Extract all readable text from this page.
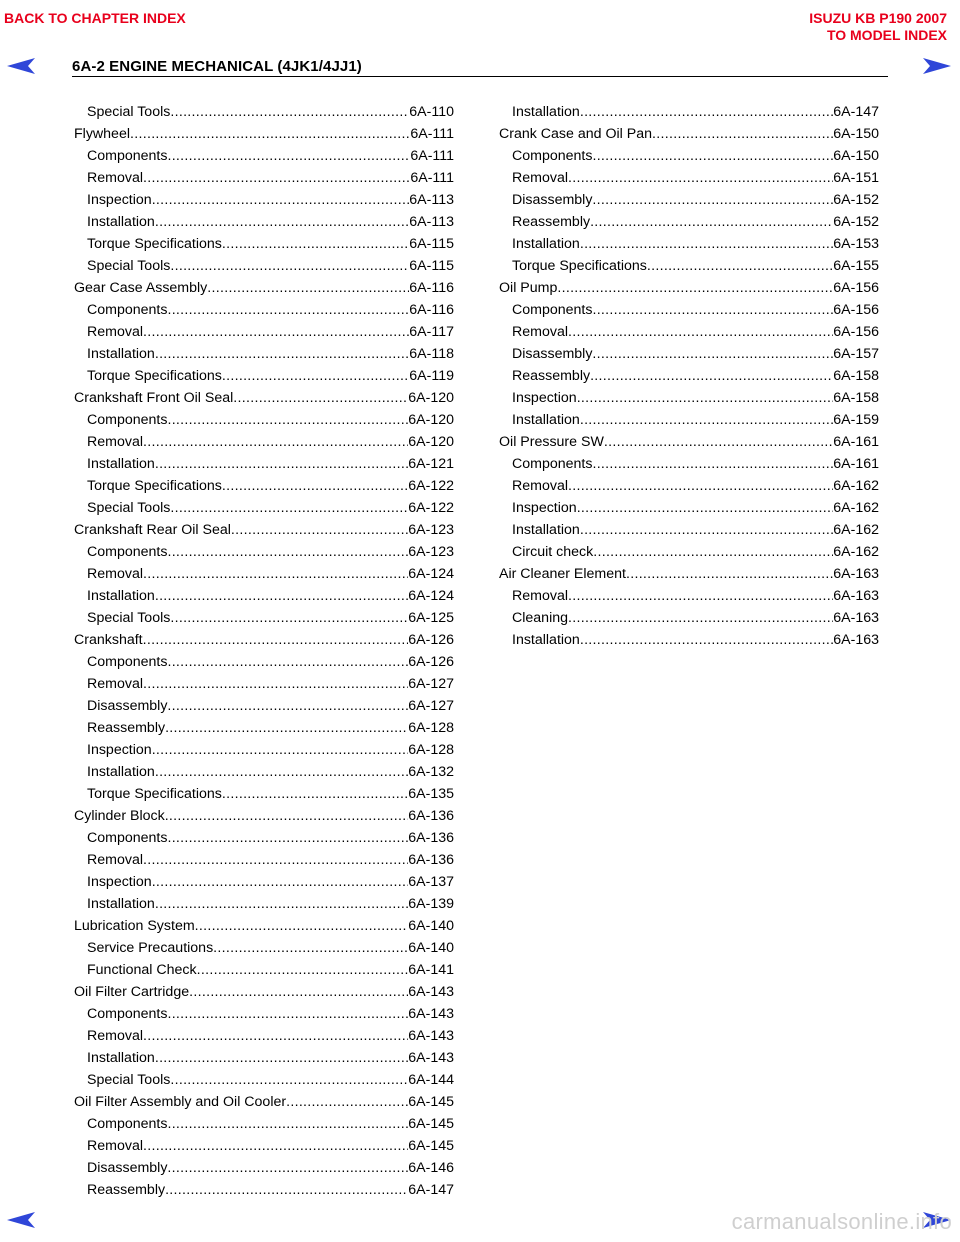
BACK TO CHAPTER INDEX	ISUZU KB P190 2007
TO MODEL INDEX
6A-2 ENGINE MECHANICAL (4JK1/4JJ1)
Special Tools .....	6A-110
Flywheel .....	6A-111
Components .....	6A-111
Removal .....	6A-111
Inspection .....	6A-113
Installation .....	6A-113
Torque Specifications .....	6A-115
Special Tools .....	6A-115
Gear Case Assembly .....	6A-116
Components .....	6A-116
Removal .....	6A-117
Installation .....	6A-118
Torque Specifications .....	6A-119
Crankshaft Front Oil Seal .....	6A-120
Components .....	6A-120
Removal .....	6A-120
Installation .....	6A-121
Torque Specifications .....	6A-122
Special Tools .....	6A-122
Crankshaft Rear Oil Seal .....	6A-123
Components .....	6A-123
Removal .....	6A-124
Installation .....	6A-124
Special Tools .....	6A-125
Crankshaft .....	6A-126
Components .....	6A-126
Removal .....	6A-127
Disassembly .....	6A-127
Reassembly .....	6A-128
Inspection .....	6A-128
Installation .....	6A-132
Torque Specifications .....	6A-135
Cylinder Block .....	6A-136
Components .....	6A-136
Removal .....	6A-136
Inspection .....	6A-137
Installation .....	6A-139
Lubrication System .....	6A-140
Service Precautions .....	6A-140
Functional Check .....	6A-141
Oil Filter Cartridge .....	6A-143
Components .....	6A-143
Removal .....	6A-143
Installation .....	6A-143
Special Tools .....	6A-144
Oil Filter Assembly and Oil Cooler .....	6A-145
Components .....	6A-145
Removal .....	6A-145
Disassembly .....	6A-146
Reassembly .....	6A-147
Installation .....	6A-147
Crank Case and Oil Pan .....	6A-150
Components .....	6A-150
Removal .....	6A-151
Disassembly .....	6A-152
Reassembly .....	6A-152
Installation .....	6A-153
Torque Specifications .....	6A-155
Oil Pump .....	6A-156
Components .....	6A-156
Removal .....	6A-156
Disassembly .....	6A-157
Reassembly .....	6A-158
Inspection .....	6A-158
Installation .....	6A-159
Oil Pressure SW .....	6A-161
Components .....	6A-161
Removal .....	6A-162
Inspection .....	6A-162
Installation .....	6A-162
Circuit check .....	6A-162
Air Cleaner Element .....	6A-163
Removal .....	6A-163
Cleaning .....	6A-163
Installation .....	6A-163
carmanualsonline.info
